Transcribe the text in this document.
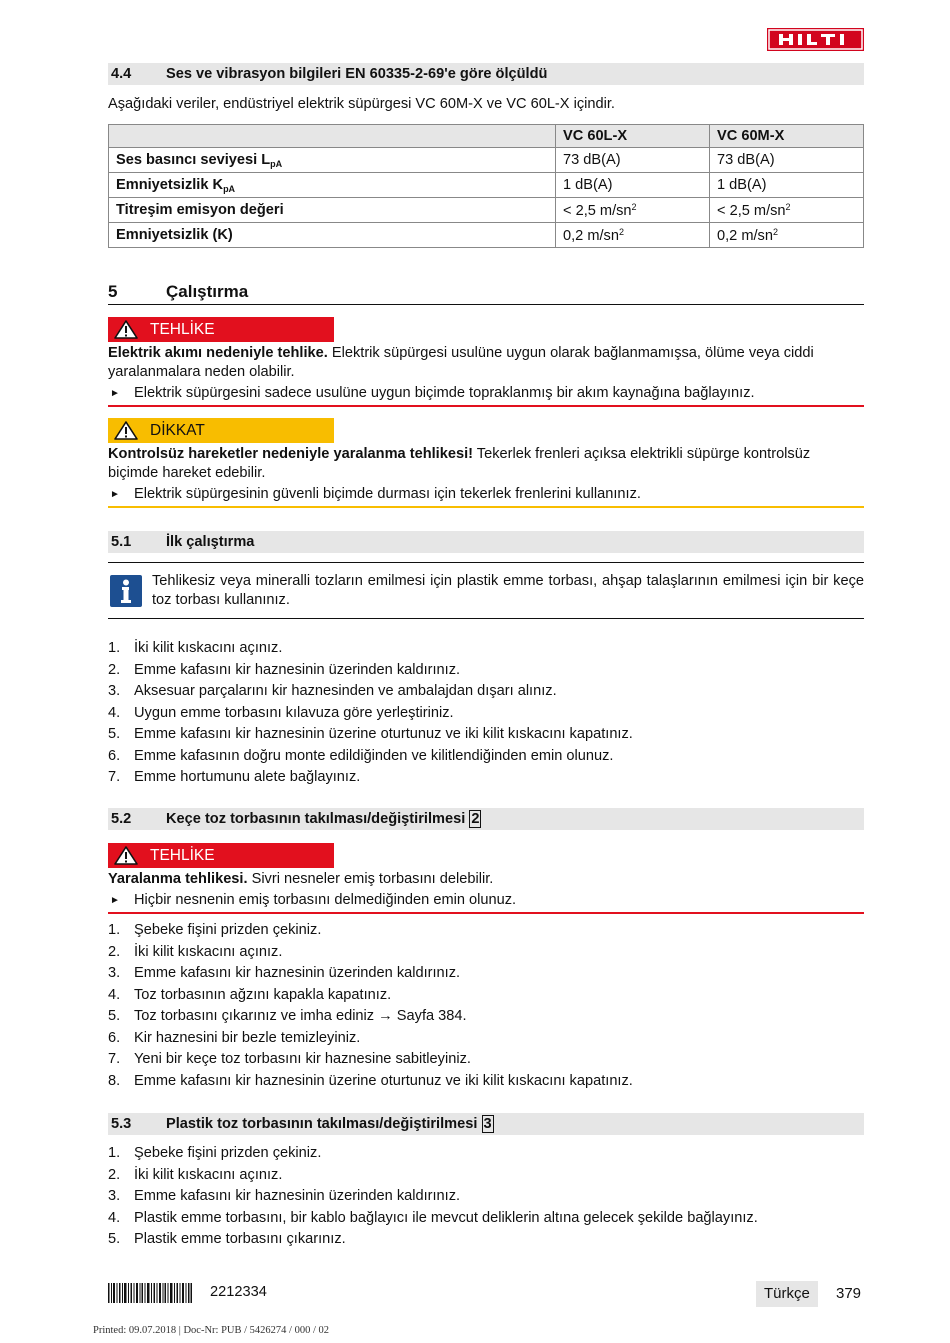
4.4 Ses ve vibrasyon bilgileri EN 60335-2-69'e göre ölçüldü
Aşağıdaki veriler, endüstriyel elektrik süpürgesi VC 60M-X ve VC 60L-X içindir.
	VC 60L-X	VC 60M-X
Ses basıncı seviyesi $L_{pA}$	73 dB(A)	73 dB(A)
Emniyetsizlik $K_{pA}$	1 dB(A)	1 dB(A)
Titreşim emisyon değeri	< 2,5 $m/sn^2$	< 2,5 $m/sn^2$
Emniyetsizlik (K)	0,2 $m/sn^2$	0,2 $m/sn^2$
5	Çalıştırma
TEHLİKE
Elektrik akımı nedeniyle tehlike. Elektrik süpürgesi usulüne uygun olarak bağlanmamışsa, ölüme veya ciddi yaralanmalara neden olabilir.
► Elektrik süpürgesini sadece usulüne uygun biçimde topraklanmış bir akım kaynağına bağlayınız.
DİKKAT
Kontrolsüz hareketler nedeniyle yaralanma tehlikesi! Tekerlek frenleri açıksa elektrikli süpürge kontrolsüz biçimde hareket edebilir.
► Elektrik süpürgesinin güvenli biçimde durması için tekerlek frenlerini kullanınız.
5.1 İlk çalıştırma
Tehlikesiz veya mineralli tozların emilmesi için plastik emme torbası, ahşap talaşlarının emilmesi için bir keçe toz torbası kullanınız.
1. İki kilit kıskacını açınız.
2. Emme kafasını kir haznesinin üzerinden kaldırınız.
3. Aksesuar parçalarını kir haznesinden ve ambalajdan dışarı alınız.
4. Uygun emme torbasını kılavuza göre yerleştiriniz.
5. Emme kafasını kir haznesinin üzerine oturtunuz ve iki kilit kıskacını kapatınız.
6. Emme kafasının doğru monte edildiğinden ve kilitlendiğinden emin olunuz.
7. Emme hortumunu alete bağlayınız.
5.2 Keçe toz torbasının takılması/değiştirilmesi 2
TEHLİKE
Yaralanma tehlikesi. Sivri nesneler emiş torbasını delebilir.
► Hiçbir nesnenin emiş torbasını delmediğinden emin olunuz.
1. Şebeke fişini prizden çekiniz.
2. İki kilit kıskacını açınız.
3. Emme kafasını kir haznesinin üzerinden kaldırınız.
4. Toz torbasının ağzını kapakla kapatınız.
5. Toz torbasını çıkarınız ve imha ediniz → Sayfa 384.
6. Kir haznesini bir bezle temizleyiniz.
7. Yeni bir keçe toz torbasını kir haznesine sabitleyiniz.
8. Emme kafasını kir haznesinin üzerine oturtunuz ve iki kilit kıskacını kapatınız.
5.3 Plastik toz torbasının takılması/değiştirilmesi 3
1. Şebeke fişini prizden çekiniz.
2. İki kilit kıskacını açınız.
3. Emme kafasını kir haznesinin üzerinden kaldırınız.
4. Plastik emme torbasını, bir kablo bağlayıcı ile mevcut deliklerin altına gelecek şekilde bağlayınız.
5. Plastik emme torbasını çıkarınız.
2212334	Türkçe 379
Printed: 09.07.2018 | Doc-Nr: PUB / 5426274 / 000 / 02
